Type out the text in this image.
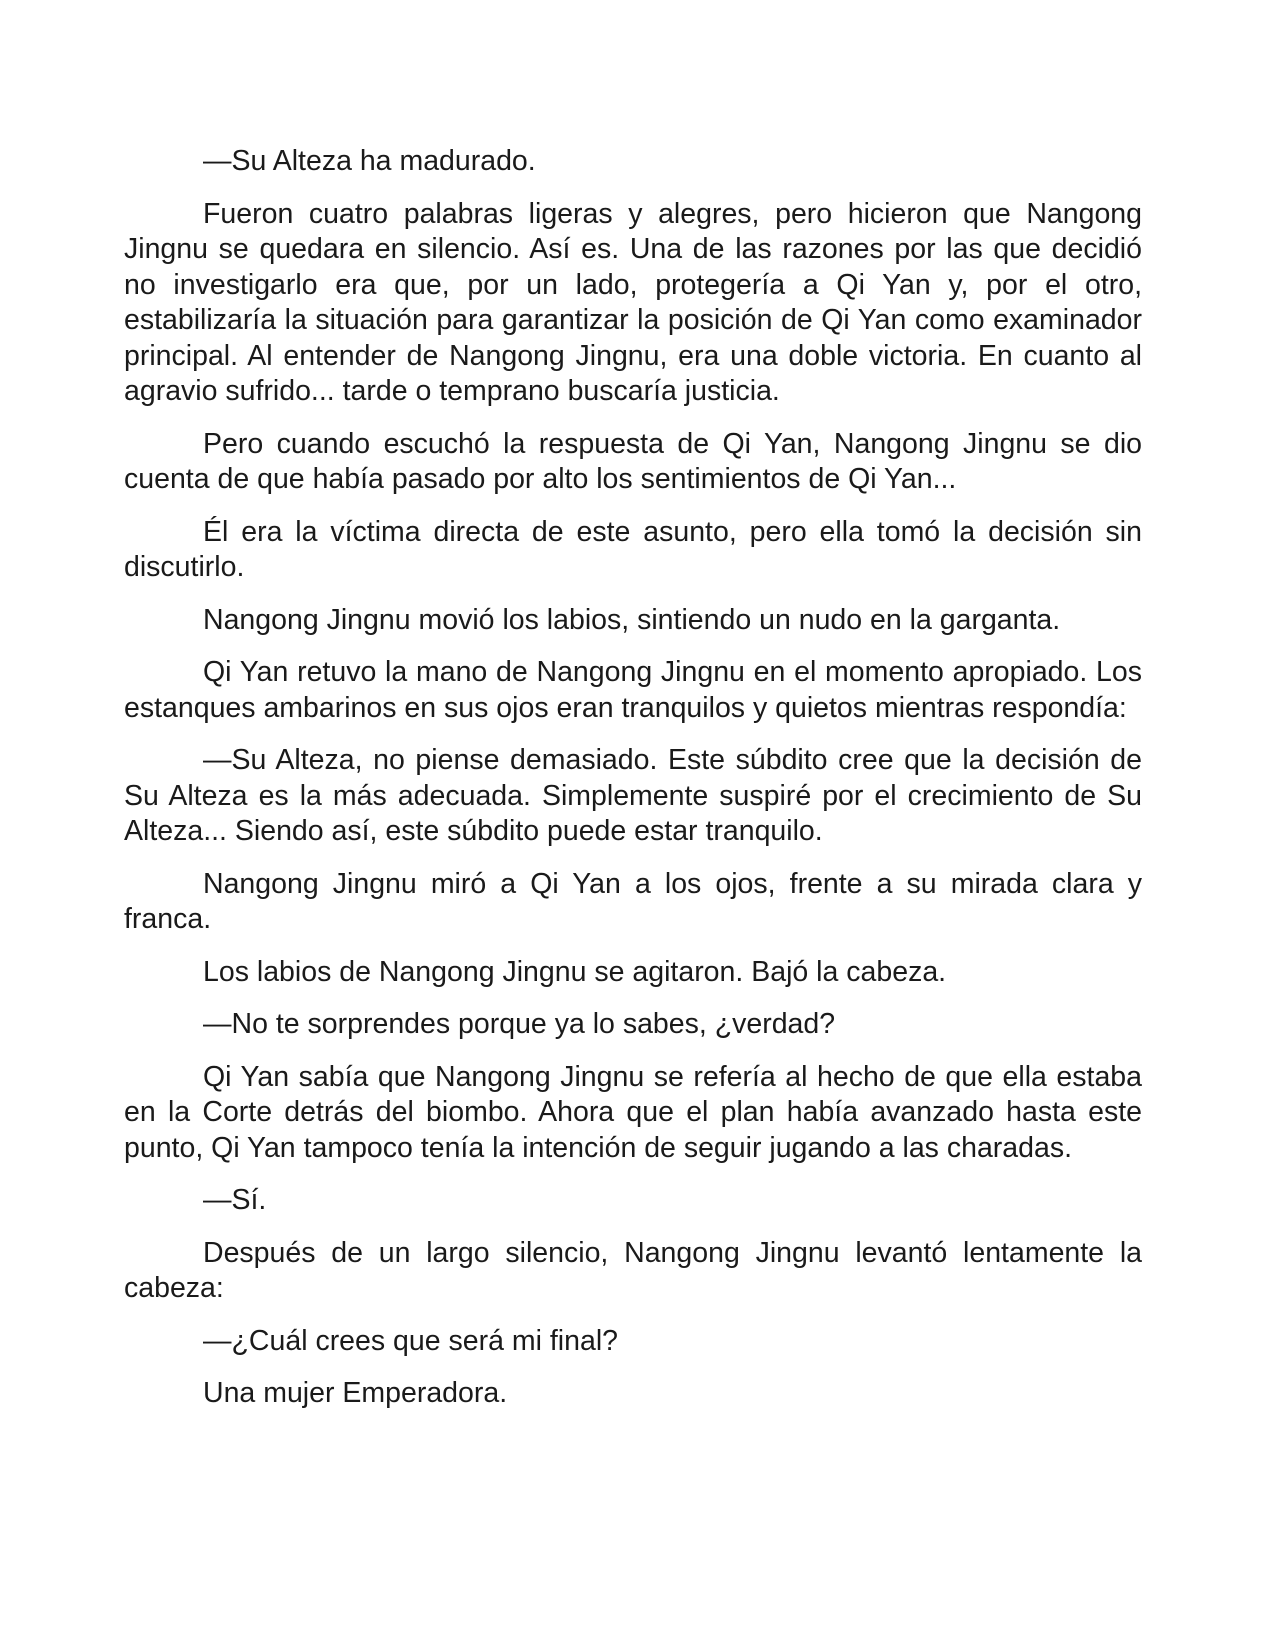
—Su Alteza ha madurado.

Fueron cuatro palabras ligeras y alegres, pero hicieron que Nangong Jingnu se quedara en silencio. Así es. Una de las razones por las que decidió no investigarlo era que, por un lado, protegería a Qi Yan y, por el otro, estabilizaría la situación para garantizar la posición de Qi Yan como examinador principal. Al entender de Nangong Jingnu, era una doble victoria. En cuanto al agravio sufrido... tarde o temprano buscaría justicia.

Pero cuando escuchó la respuesta de Qi Yan, Nangong Jingnu se dio cuenta de que había pasado por alto los sentimientos de Qi Yan...

Él era la víctima directa de este asunto, pero ella tomó la decisión sin discutirlo.

Nangong Jingnu movió los labios, sintiendo un nudo en la garganta.

Qi Yan retuvo la mano de Nangong Jingnu en el momento apropiado. Los estanques ambarinos en sus ojos eran tranquilos y quietos mientras respondía:

—Su Alteza, no piense demasiado. Este súbdito cree que la decisión de Su Alteza es la más adecuada. Simplemente suspiré por el crecimiento de Su Alteza... Siendo así, este súbdito puede estar tranquilo.

Nangong Jingnu miró a Qi Yan a los ojos, frente a su mirada clara y franca.

Los labios de Nangong Jingnu se agitaron. Bajó la cabeza.

—No te sorprendes porque ya lo sabes, ¿verdad?

Qi Yan sabía que Nangong Jingnu se refería al hecho de que ella estaba en la Corte detrás del biombo. Ahora que el plan había avanzado hasta este punto, Qi Yan tampoco tenía la intención de seguir jugando a las charadas.

—Sí.

Después de un largo silencio, Nangong Jingnu levantó lentamente la cabeza:

—¿Cuál crees que será mi final?

Una mujer Emperadora.
